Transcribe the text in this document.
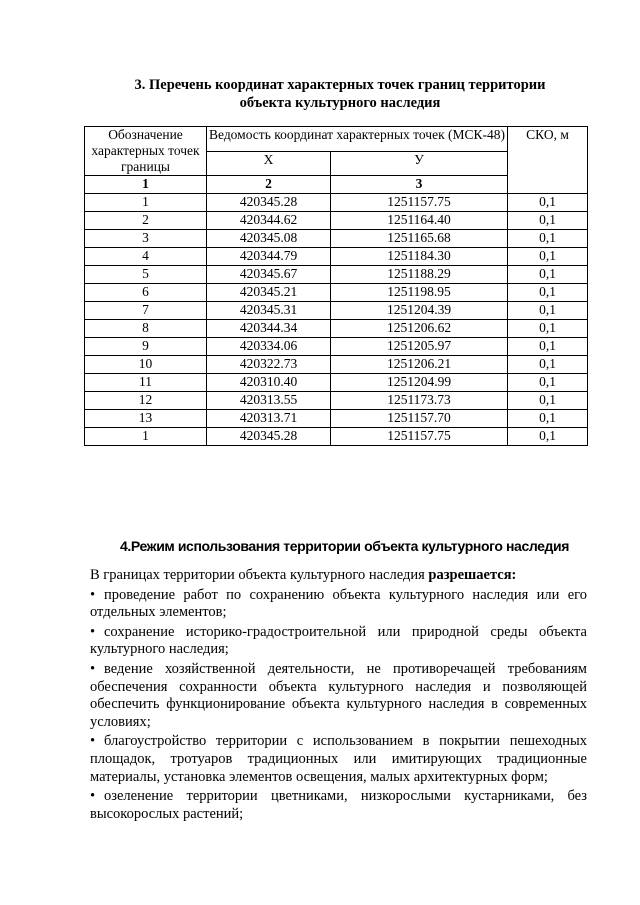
3. Перечень координат характерных точек границ территории
объекта культурного наследия
Обозначение характерных точек границы	Ведомость координат характерных точек (МСК-48)		СКО, м
	Х	У	
1	2	3	
1	420345.28	1251157.75	0,1
2	420344.62	1251164.40	0,1
3	420345.08	1251165.68	0,1
4	420344.79	1251184.30	0,1
5	420345.67	1251188.29	0,1
6	420345.21	1251198.95	0,1
7	420345.31	1251204.39	0,1
8	420344.34	1251206.62	0,1
9	420334.06	1251205.97	0,1
10	420322.73	1251206.21	0,1
11	420310.40	1251204.99	0,1
12	420313.55	1251173.73	0,1
13	420313.71	1251157.70	0,1
1	420345.28	1251157.75	0,1
4.Режим использования территории объекта культурного наследия

В границах территории объекта культурного наследия разрешается:

• проведение работ по сохранению объекта культурного наследия или его отдельных элементов;

• сохранение историко-градостроительной или природной среды объекта культурного наследия;

• ведение хозяйственной деятельности, не противоречащей требованиям обеспечения сохранности объекта культурного наследия и позволяющей обеспечить функционирование объекта культурного наследия в современных условиях;

• благоустройство территории с использованием в покрытии пешеходных площадок, тротуаров традиционных или имитирующих традиционные материалы, установка элементов освещения, малых архитектурных форм;

• озеленение территории цветниками, низкорослыми кустарниками, без высокорослых растений;
